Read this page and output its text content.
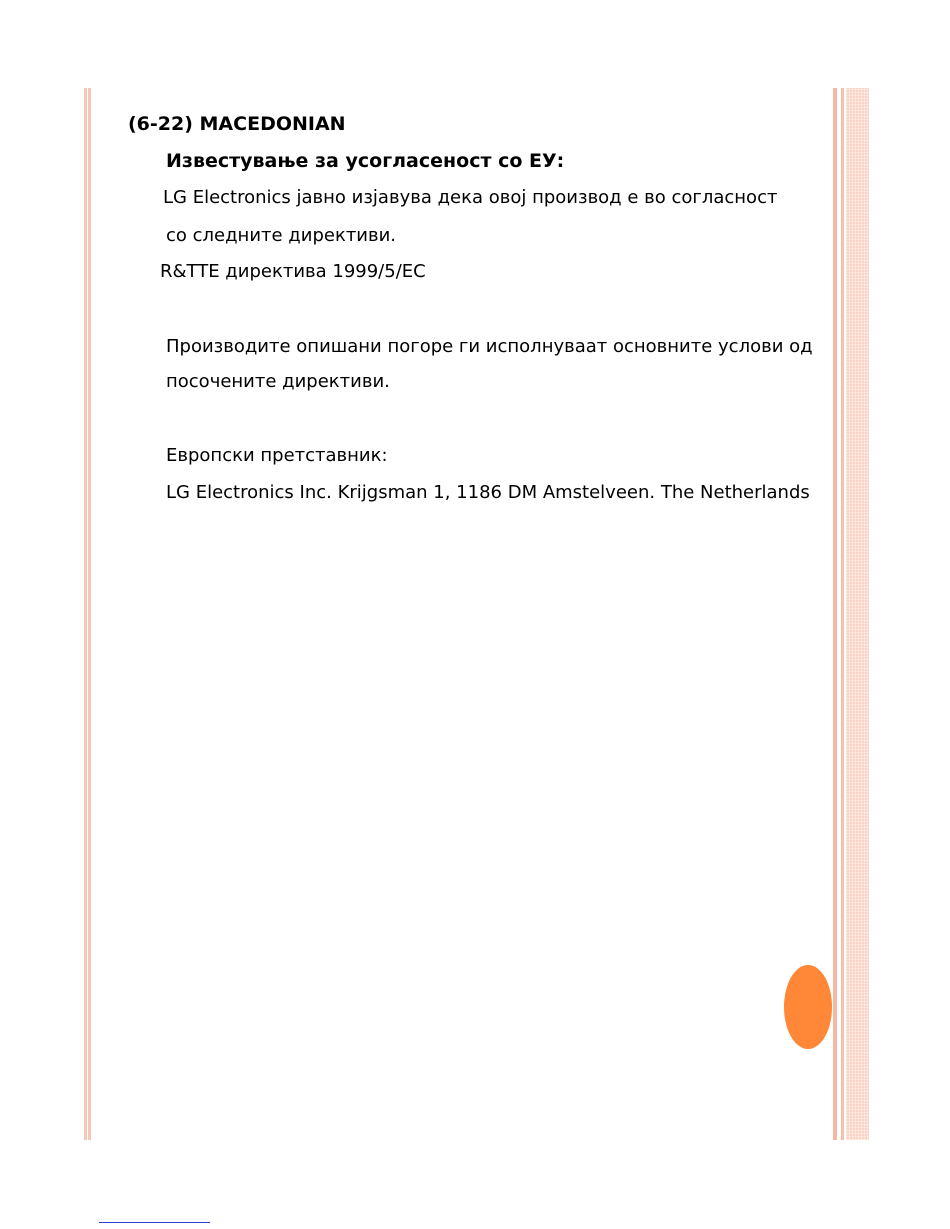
(6-22) MACEDONIAN
Известување за усогласеност со ЕУ:
LG Electronics јавно изјавува дека овој производ е во согласност
со следните директиви.
R&TTE директива 1999/5/EC
Производите опишани погоре ги исполнуваат основните услови од
посочените директиви.
Европски претставник:
LG Electronics Inc. Krijgsman 1, 1186 DM Amstelveen. The Netherlands
